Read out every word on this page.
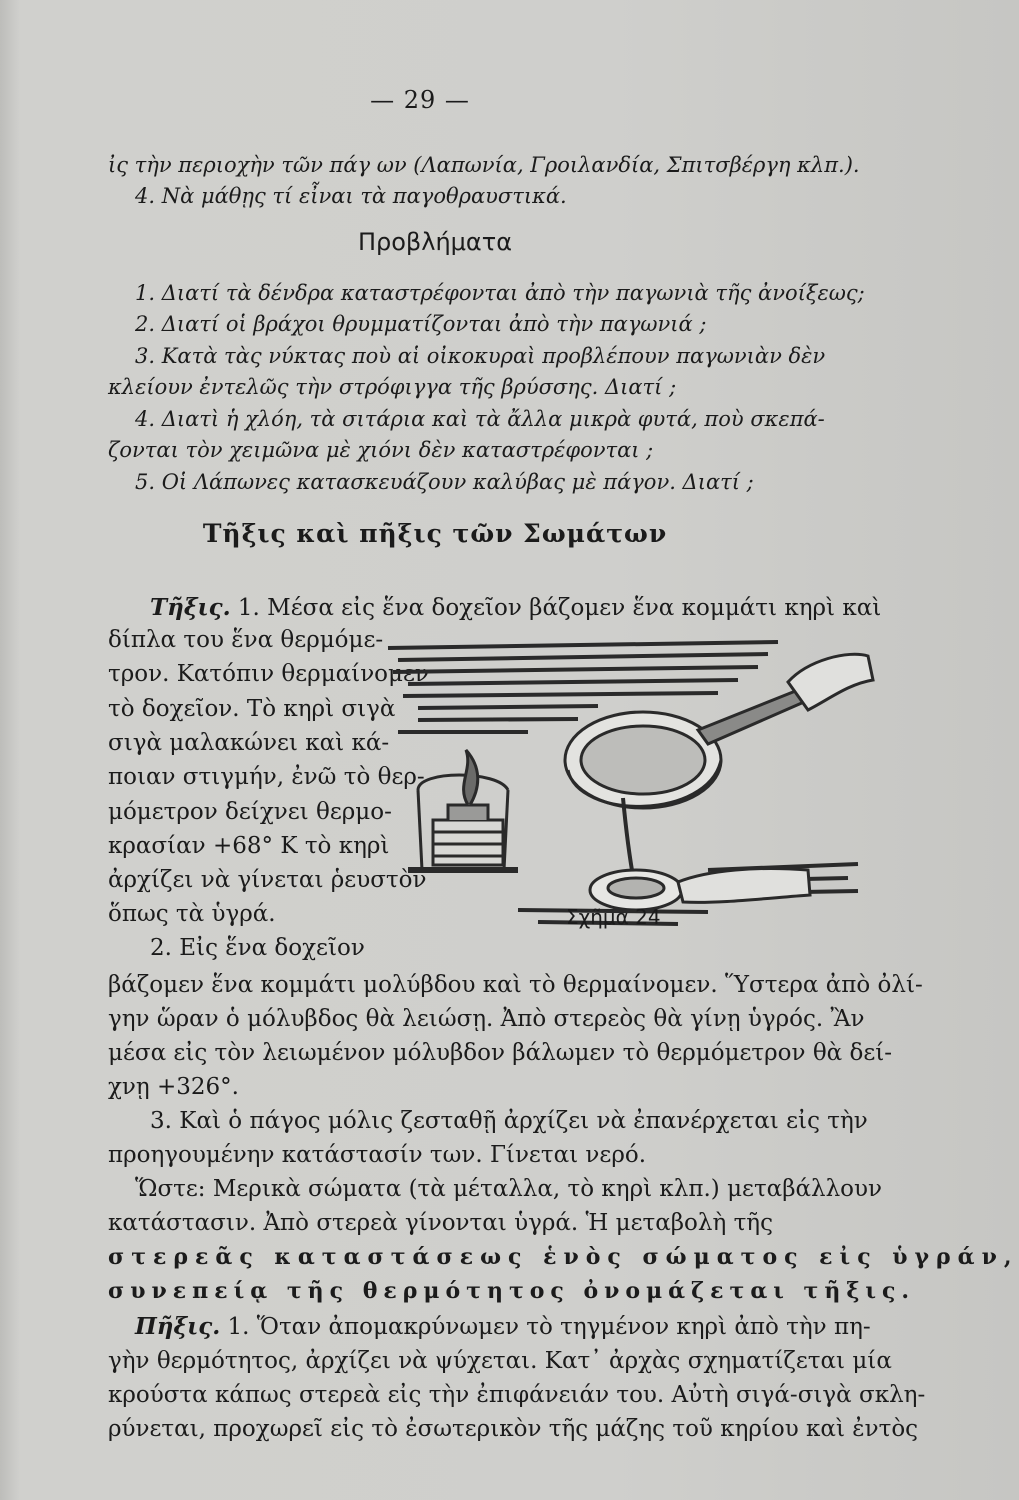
— 29 —
ἰς τὴν περιοχὴν τῶν πάγ ων (Λαπωνία, Γροιλανδία, Σπιτσβέργη κλπ.).
4. Νὰ μάθῃς τί εἶναι τὰ παγοθραυστικά.
Προβλήματα
1. Διατί τὰ δένδρα καταστρέφονται ἀπὸ τὴν παγωνιὰ τῆς ἀνοίξεως;
2. Διατί οἱ βράχοι θρυμματίζονται ἀπὸ τὴν παγωνιά ;
3. Κατὰ τὰς νύκτας ποὺ αἱ οἰκοκυραὶ προβλέπουν παγωνιὰν δὲν
κλείουν ἐντελῶς τὴν στρόφιγγα τῆς βρύσσης. Διατί ;
4. Διατὶ ἡ χλόη, τὰ σιτάρια καὶ τὰ ἄλλα μικρὰ φυτά, ποὺ σκεπά-
ζονται τὸν χειμῶνα μὲ χιόνι δὲν καταστρέφονται ;
5. Οἱ Λάπωνες κατασκευάζουν καλύβας μὲ πάγον. Διατί ;
Τῆξις καὶ πῆξις τῶν Σωμάτων
Τῆξις. 1. Μέσα εἰς ἕνα δοχεῖον βάζομεν ἕνα κομμάτι κηρὶ καὶ
δίπλα του ἕνα θερμόμε-
τρον. Κατόπιν θερμαίνομεν
τὸ δοχεῖον. Τὸ κηρὶ σιγὰ
σιγὰ μαλακώνει καὶ κά-
ποιαν στιγμήν, ἐνῶ τὸ θερ-
μόμετρον δείχνει θερμο-
κρασίαν +68° Κ τὸ κηρὶ
ἀρχίζει νὰ γίνεται ῥευστὸν
ὅπως τὰ ὑγρά.
2. Εἰς ἕνα δοχεῖον
Σχῆμα 24
βάζομεν ἕνα κομμάτι μολύβδου καὶ τὸ θερμαίνομεν. Ὕστερα ἀπὸ ὀλί-
γην ὥραν ὁ μόλυβδος θὰ λειώσῃ. Ἀπὸ στερεὸς θὰ γίνῃ ὑγρός. Ἂν
μέσα εἰς τὸν λειωμένον μόλυβδον βάλωμεν τὸ θερμόμετρον θὰ δεί-
χνῃ +326°.
3. Καὶ ὁ πάγος μόλις ζεσταθῇ ἀρχίζει νὰ ἐπανέρχεται εἰς τὴν
προηγουμένην κατάστασίν των. Γίνεται νερό.
Ὥστε: Μερικὰ σώματα (τὰ μέταλλα, τὸ κηρὶ κλπ.) μεταβάλλουν
κατάστασιν. Ἀπὸ στερεὰ γίνονται ὑγρά. Ἡ μεταβολὴ τῆς
στερεᾶς καταστάσεως ἑνὸς σώματος εἰς ὑγράν,
συνεπείᾳ τῆς θερμότητος ὀνομάζεται τῆξις.
Πῆξις. 1. Ὅταν ἀπομακρύνωμεν τὸ τηγμένον κηρὶ ἀπὸ τὴν πη-
γὴν θερμότητος, ἀρχίζει νὰ ψύχεται. Κατ᾽ ἀρχὰς σχηματίζεται μία
κρούστα κάπως στερεὰ εἰς τὴν ἐπιφάνειάν του. Αὐτὴ σιγά-σιγὰ σκλη-
ρύνεται, προχωρεῖ εἰς τὸ ἐσωτερικὸν τῆς μάζης τοῦ κηρίου καὶ ἐντὸς
